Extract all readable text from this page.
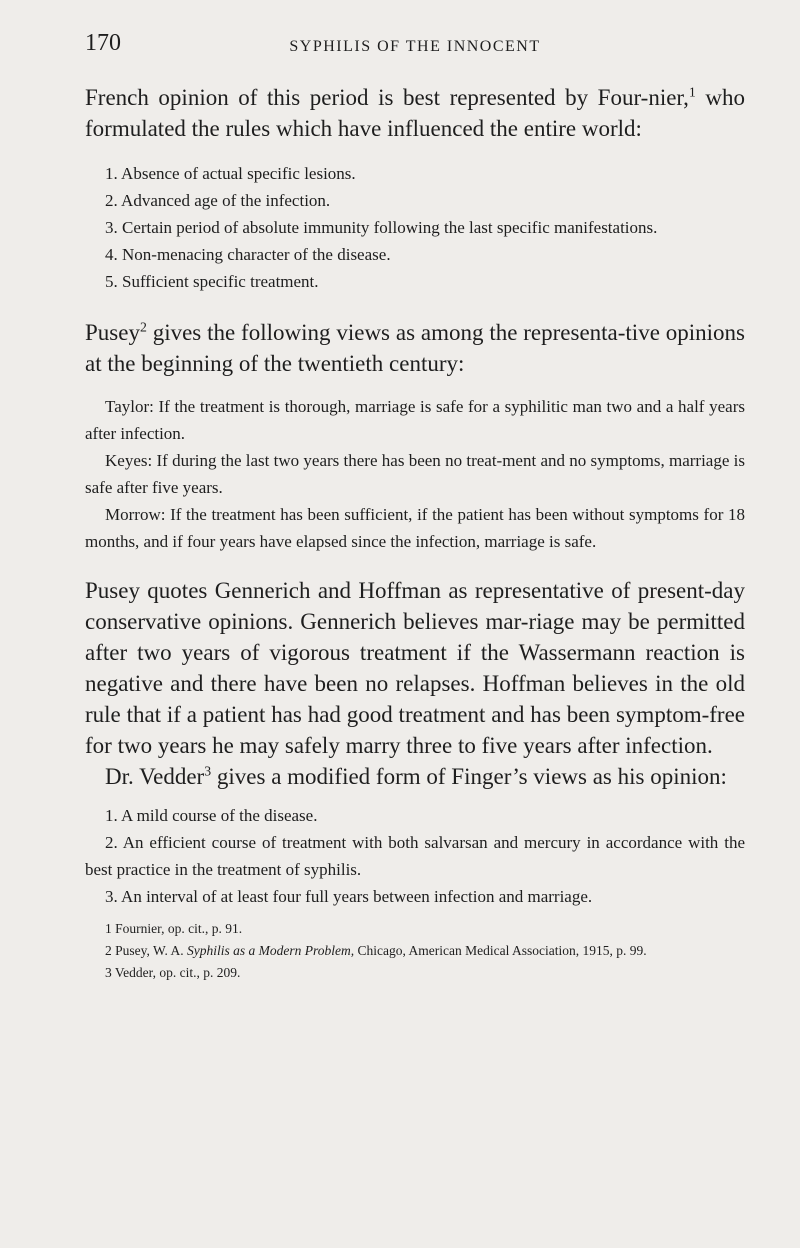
170	SYPHILIS OF THE INNOCENT

French opinion of this period is best represented by Four-nier,$^1$ who formulated the rules which have influenced the entire world:

1. Absence of actual specific lesions.
2. Advanced age of the infection.
3. Certain period of absolute immunity following the last specific manifestations.
4. Non-menacing character of the disease.
5. Sufficient specific treatment.

Pusey$^2$ gives the following views as among the representa-tive opinions at the beginning of the twentieth century:

Taylor: If the treatment is thorough, marriage is safe for a syphilitic man two and a half years after infection.

Keyes: If during the last two years there has been no treat-ment and no symptoms, marriage is safe after five years.

Morrow: If the treatment has been sufficient, if the patient has been without symptoms for 18 months, and if four years have elapsed since the infection, marriage is safe.

Pusey quotes Gennerich and Hoffman as representative of present-day conservative opinions. Gennerich believes mar-riage may be permitted after two years of vigorous treatment if the Wassermann reaction is negative and there have been no relapses. Hoffman believes in the old rule that if a patient has had good treatment and has been symptom-free for two years he may safely marry three to five years after infection.

Dr. Vedder$^3$ gives a modified form of Finger’s views as his opinion:

1. A mild course of the disease.
2. An efficient course of treatment with both salvarsan and mercury in accordance with the best practice in the treatment of syphilis.
3. An interval of at least four full years between infection and marriage.

1 Fournier, op. cit., p. 91.

2 Pusey, W. A. Syphilis as a Modern Problem, Chicago, American Medical Association, 1915, p. 99.

3 Vedder, op. cit., p. 209.
